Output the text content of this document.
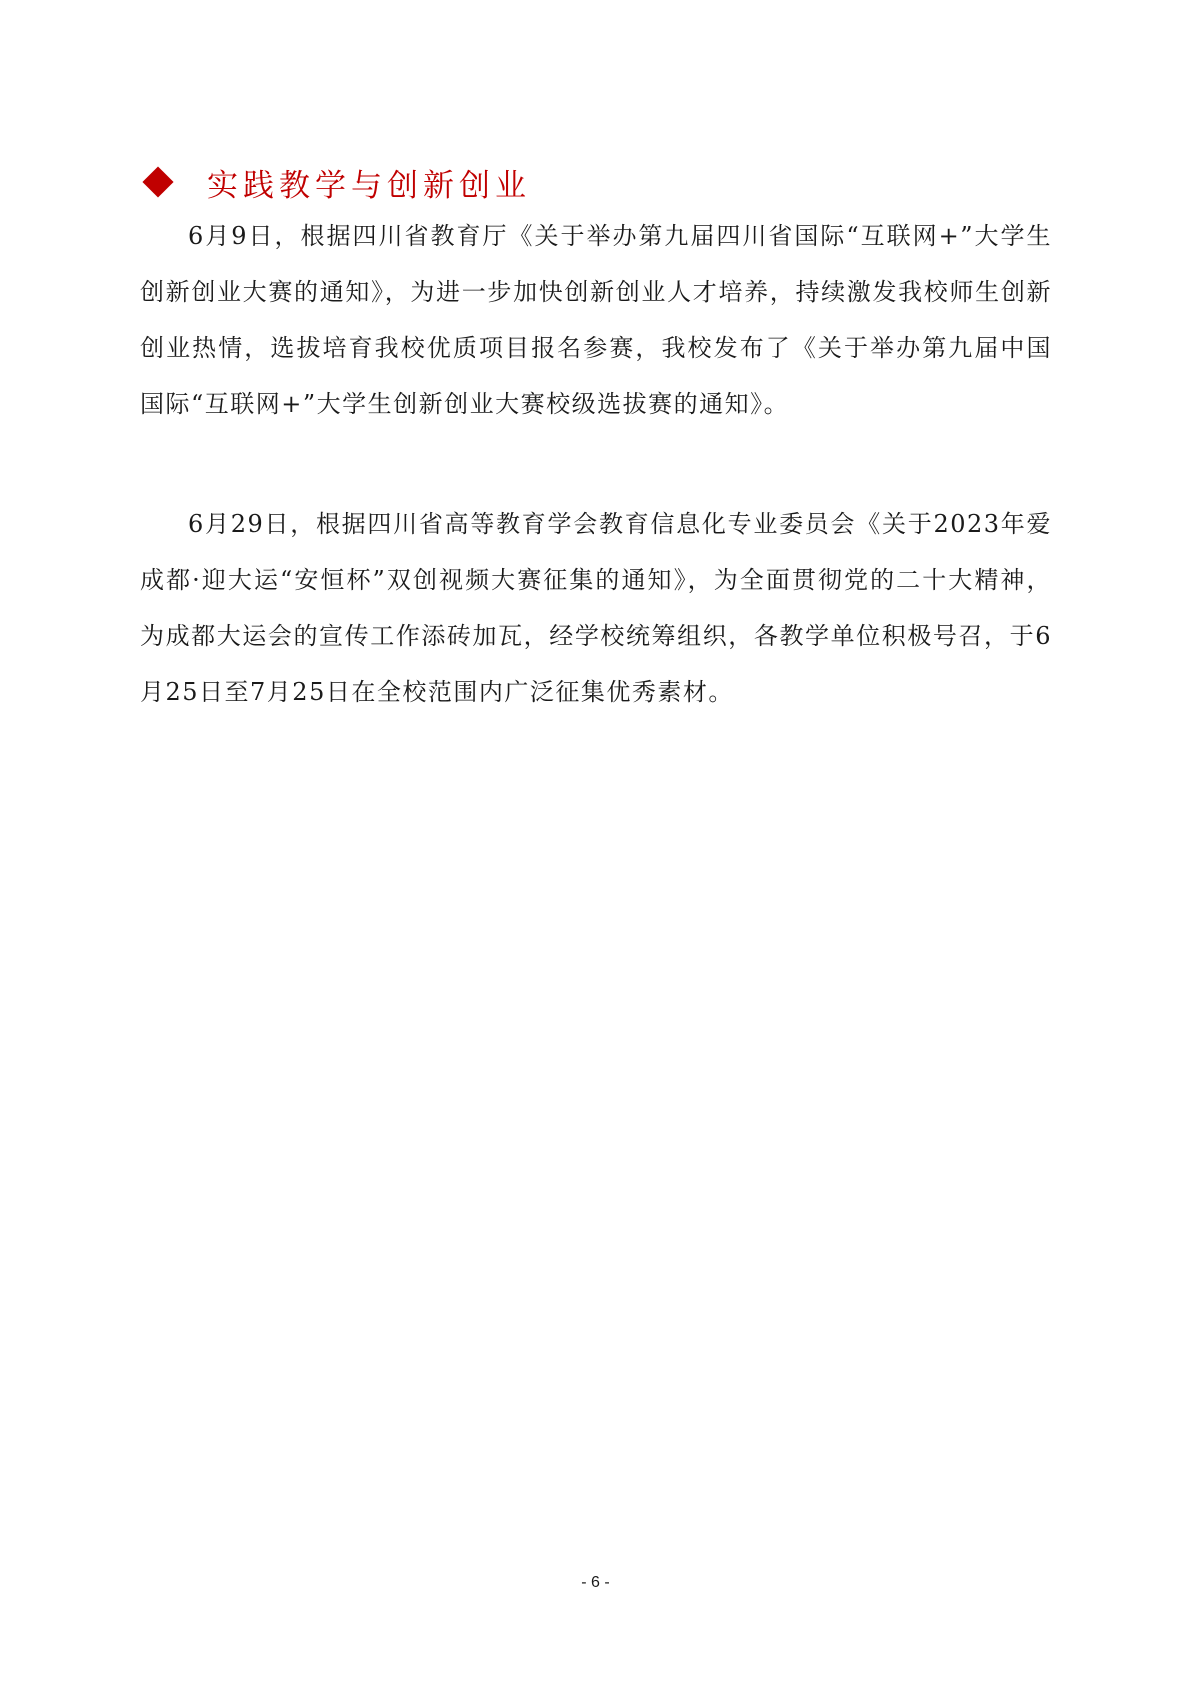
实践教学与创新创业

6月9日，根据四川省教育厅《关于举办第九届四川省国际“互联网+”大学生创新创业大赛的通知》，为进一步加快创新创业人才培养，持续激发我校师生创新创业热情，选拔培育我校优质项目报名参赛，我校发布了《关于举办第九届中国国际“互联网+”大学生创新创业大赛校级选拔赛的通知》。

6月29日，根据四川省高等教育学会教育信息化专业委员会《关于2023年爱成都·迎大运“安恒杯”双创视频大赛征集的通知》，为全面贯彻党的二十大精神，为成都大运会的宣传工作添砖加瓦，经学校统筹组织，各教学单位积极号召，于6月25日至7月25日在全校范围内广泛征集优秀素材。

- 6 -
